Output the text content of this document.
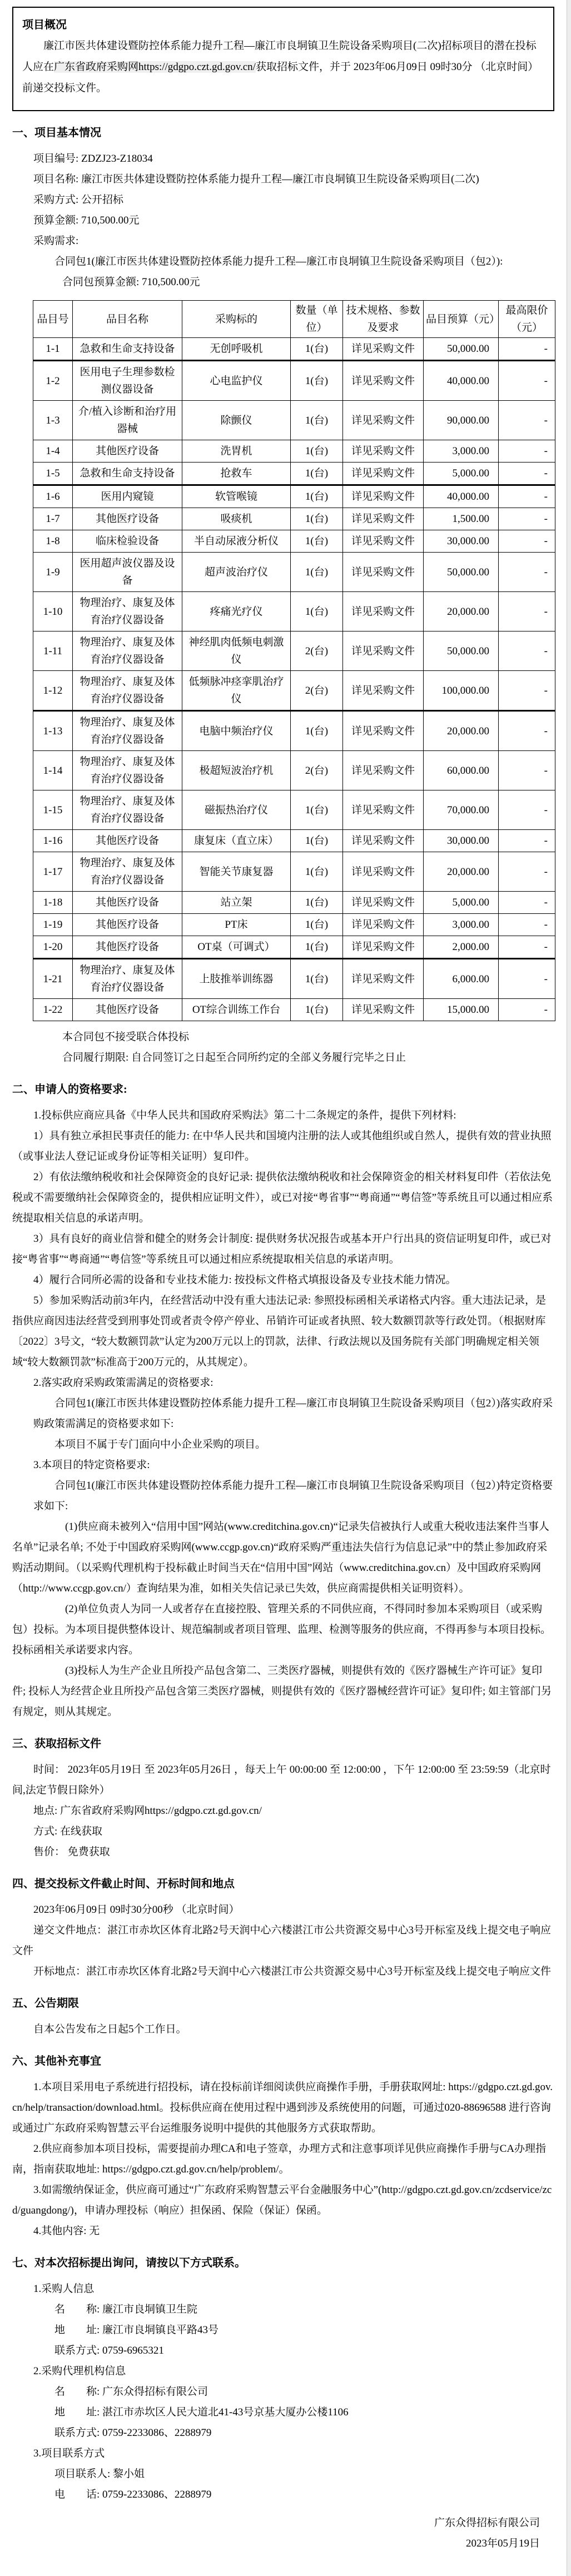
项目概况

廉江市医共体建设暨防控体系能力提升工程—廉江市良垌镇卫生院设备采购项目(二次)招标项目的潜在投标人应在广东省政府采购网https://gdgpo.czt.gd.gov.cn/获取招标文件，并于 2023年06月09日 09时30分 （北京时间）前递交投标文件。

一、项目基本情况

项目编号: ZDZJ23-Z18034

项目名称: 廉江市医共体建设暨防控体系能力提升工程—廉江市良垌镇卫生院设备采购项目(二次)

采购方式: 公开招标

预算金额: 710,500.00元

采购需求:

合同包1(廉江市医共体建设暨防控体系能力提升工程—廉江市良垌镇卫生院设备采购项目（包2）):

合同包预算金额: 710,500.00元

品目号	品目名称	采购标的	数量（单位）	技术规格、参数及要求	品目预算（元）	最高限价（元）
1-1	急救和生命支持设备	无创呼吸机	1(台)	详见采购文件	50,000.00	-
1-2	医用电子生理参数检测仪器设备	心电监护仪	1(台)	详见采购文件	40,000.00	-
1-3	介/植入诊断和治疗用器械	除颤仪	1(台)	详见采购文件	90,000.00	-
1-4	其他医疗设备	洗胃机	1(台)	详见采购文件	3,000.00	-
1-5	急救和生命支持设备	抢救车	1(台)	详见采购文件	5,000.00	-
1-6	医用内窥镜	软管喉镜	1(台)	详见采购文件	40,000.00	-
1-7	其他医疗设备	吸痰机	1(台)	详见采购文件	1,500.00	-
1-8	临床检验设备	半自动尿液分析仪	1(台)	详见采购文件	30,000.00	-
1-9	医用超声波仪器及设备	超声波治疗仪	1(台)	详见采购文件	50,000.00	-
1-10	物理治疗、康复及体育治疗仪器设备	疼痛光疗仪	1(台)	详见采购文件	20,000.00	-
1-11	物理治疗、康复及体育治疗仪器设备	神经肌肉低频电刺激仪	2(台)	详见采购文件	50,000.00	-
1-12	物理治疗、康复及体育治疗仪器设备	低频脉冲痉挛肌治疗仪	2(台)	详见采购文件	100,000.00	-
1-13	物理治疗、康复及体育治疗仪器设备	电脑中频治疗仪	1(台)	详见采购文件	20,000.00	-
1-14	物理治疗、康复及体育治疗仪器设备	极超短波治疗机	2(台)	详见采购文件	60,000.00	-
1-15	物理治疗、康复及体育治疗仪器设备	磁振热治疗仪	1(台)	详见采购文件	70,000.00	-
1-16	其他医疗设备	康复床（直立床）	1(台)	详见采购文件	30,000.00	-
1-17	物理治疗、康复及体育治疗仪器设备	智能关节康复器	1(台)	详见采购文件	20,000.00	-
1-18	其他医疗设备	站立架	1(台)	详见采购文件	5,000.00	-
1-19	其他医疗设备	PT床	1(台)	详见采购文件	3,000.00	-
1-20	其他医疗设备	OT桌（可调式）	1(台)	详见采购文件	2,000.00	-
1-21	物理治疗、康复及体育治疗仪器设备	上肢推举训练器	1(台)	详见采购文件	6,000.00	-
1-22	其他医疗设备	OT综合训练工作台	1(台)	详见采购文件	15,000.00	-

本合同包不接受联合体投标

合同履行期限: 自合同签订之日起至合同所约定的全部义务履行完毕之日止

二、申请人的资格要求:

1.投标供应商应具备《中华人民共和国政府采购法》第二十二条规定的条件，提供下列材料:

1）具有独立承担民事责任的能力: 在中华人民共和国境内注册的法人或其他组织或自然人，提供有效的营业执照（或事业法人登记证或身份证等相关证明）复印件。

2）有依法缴纳税收和社会保障资金的良好记录: 提供依法缴纳税收和社会保障资金的相关材料复印件（若依法免税或不需要缴纳社会保障资金的，提供相应证明文件），或已对接“粤省事”“粤商通”“粤信签”等系统且可以通过相应系统提取相关信息的承诺声明。

3）具有良好的商业信誉和健全的财务会计制度: 提供财务状况报告或基本开户行出具的资信证明复印件，或已对接“粤省事”“粤商通”“粤信签”等系统且可以通过相应系统提取相关信息的承诺声明。

4）履行合同所必需的设备和专业技术能力: 按投标文件格式填报设备及专业技术能力情况。

5）参加采购活动前3年内，在经营活动中没有重大违法记录: 参照投标函相关承诺格式内容。重大违法记录，是指供应商因违法经营受到刑事处罚或者责令停产停业、吊销许可证或者执照、较大数额罚款等行政处罚。（根据财库〔2022〕3号文，“较大数额罚款”认定为200万元以上的罚款，法律、行政法规以及国务院有关部门明确规定相关领域“较大数额罚款”标准高于200万元的，从其规定）。

2.落实政府采购政策需满足的资格要求:

合同包1(廉江市医共体建设暨防控体系能力提升工程—廉江市良垌镇卫生院设备采购项目（包2）)落实政府采购政策需满足的资格要求如下:

本项目不属于专门面向中小企业采购的项目。

3.本项目的特定资格要求:

合同包1(廉江市医共体建设暨防控体系能力提升工程—廉江市良垌镇卫生院设备采购项目（包2）)特定资格要求如下:

(1)供应商未被列入“信用中国”网站(www.creditchina.gov.cn)“记录失信被执行人或重大税收违法案件当事人名单”记录名单; 不处于中国政府采购网(www.ccgp.gov.cn)“政府采购严重违法失信行为信息记录”中的禁止参加政府采购活动期间。（以采购代理机构于投标截止时间当天在“信用中国”网站（www.creditchina.gov.cn）及中国政府采购网（http://www.ccgp.gov.cn/）查询结果为准，如相关失信记录已失效，供应商需提供相关证明资料）。

(2)单位负责人为同一人或者存在直接控股、管理关系的不同供应商，不得同时参加本采购项目（或采购包）投标。为本项目提供整体设计、规范编制或者项目管理、监理、检测等服务的供应商，不得再参与本项目投标。投标函相关承诺要求内容。

(3)投标人为生产企业且所投产品包含第二、三类医疗器械，则提供有效的《医疗器械生产许可证》复印件; 投标人为经营企业且所投产品包含第三类医疗器械，则提供有效的《医疗器械经营许可证》复印件; 如主管部门另有规定，则从其规定。

三、获取招标文件

时间： 2023年05月19日 至 2023年05月26日 ，每天上午 00:00:00 至 12:00:00 ，下午 12:00:00 至 23:59:59（北京时间,法定节假日除外）

地点: 广东省政府采购网https://gdgpo.czt.gd.gov.cn/

方式: 在线获取

售价： 免费获取

四、提交投标文件截止时间、开标时间和地点

2023年06月09日 09时30分00秒 （北京时间）

递交文件地点：湛江市赤坎区体育北路2号天润中心六楼湛江市公共资源交易中心3号开标室及线上提交电子响应文件

开标地点：湛江市赤坎区体育北路2号天润中心六楼湛江市公共资源交易中心3号开标室及线上提交电子响应文件

五、公告期限

自本公告发布之日起5个工作日。

六、其他补充事宜

1.本项目采用电子系统进行招投标，请在投标前详细阅读供应商操作手册，手册获取网址: https://gdgpo.czt.gd.gov.cn/help/transaction/download.html。投标供应商在使用过程中遇到涉及系统使用的问题，可通过020-88696588 进行咨询或通过广东政府采购智慧云平台运维服务说明中提供的其他服务方式获取帮助。

2.供应商参加本项目投标，需要提前办理CA和电子签章，办理方式和注意事项详见供应商操作手册与CA办理指南，指南获取地址: https://gdgpo.czt.gd.gov.cn/help/problem/。

3.如需缴纳保证金，供应商可通过“广东政府采购智慧云平台金融服务中心”(http://gdgpo.czt.gd.gov.cn/zcdservice/zcd/guangdong/)，申请办理投标（响应）担保函、保险（保证）保函。

4.其他内容: 无

七、对本次招标提出询问，请按以下方式联系。

1.采购人信息

名　　称: 廉江市良垌镇卫生院

地　　址: 廉江市良垌镇良平路43号

联系方式: 0759-6965321

2.采购代理机构信息

名　　称: 广东众得招标有限公司

地　　址: 湛江市赤坎区人民大道北41-43号京基大厦办公楼1106

联系方式: 0759-2233086、2288979

3.项目联系方式

项目联系人: 黎小姐

电　　话: 0759-2233086、2288979

广东众得招标有限公司

2023年05月19日
